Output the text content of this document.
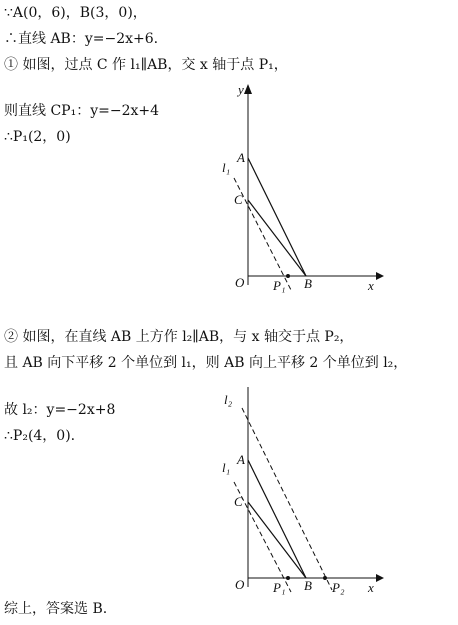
∵A(0，6)，B(3，0)，
∴直线 AB：y=−2x+6.
① 如图，过点 C 作 l₁∥AB，交 x 轴于点 P₁，
则直线 CP₁：y=−2x+4
∴P₁(2，0)
y
x
O
A
C
B
P₁
l₁
② 如图，在直线 AB 上方作 l₂∥AB，与 x 轴交于点 P₂，
且 AB 向下平移 2 个单位到 l₁，则 AB 向上平移 2 个单位到 l₂，
故 l₂：y=−2x+8
∴P₂(4，0).
l₂
x
O
A
C
B
P₁	P₂
l₁
综上，答案选 B.
